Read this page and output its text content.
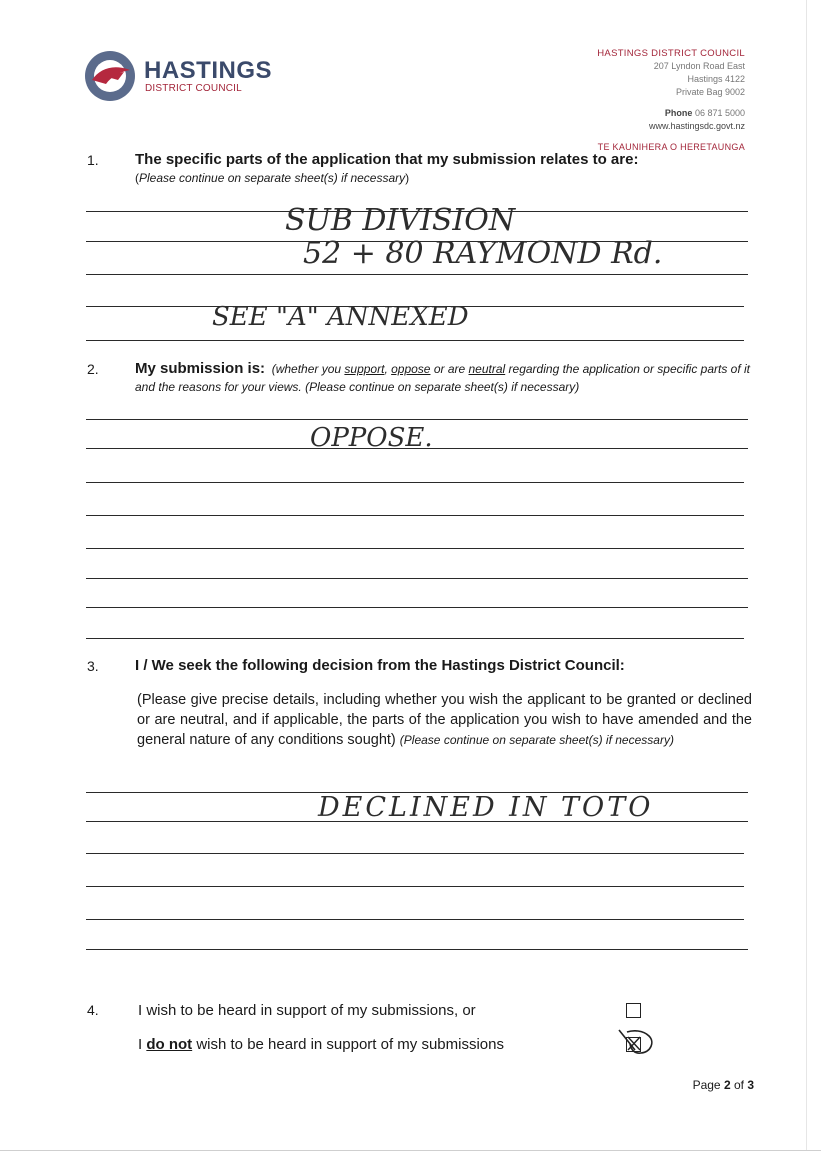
HASTINGS
DISTRICT COUNCIL
HASTINGS DISTRICT COUNCIL
207 Lyndon Road East
Hastings 4122
Private Bag 9002
Phone 06 871 5000
www.hastingsdc.govt.nz
TE KAUNIHERA O HERETAUNGA
1. The specific parts of the application that my submission relates to are:
(Please continue on separate sheet(s) if necessary)
SUB DIVISION
52 + 80 RAYMOND Rd.
SEE "A" ANNEXED
2. My submission is: (whether you support, oppose or are neutral regarding the application or specific parts of it and the reasons for your views. (Please continue on separate sheet(s) if necessary)
OPPOSE.
3. I / We seek the following decision from the Hastings District Council:
(Please give precise details, including whether you wish the applicant to be granted or declined or are neutral, and if applicable, the parts of the application you wish to have amended and the general nature of any conditions sought) (Please continue on separate sheet(s) if necessary)
DECLINED IN TOTO
4.	I wish to be heard in support of my submissions, or
I do not wish to be heard in support of my submissions
Page 2 of 3
